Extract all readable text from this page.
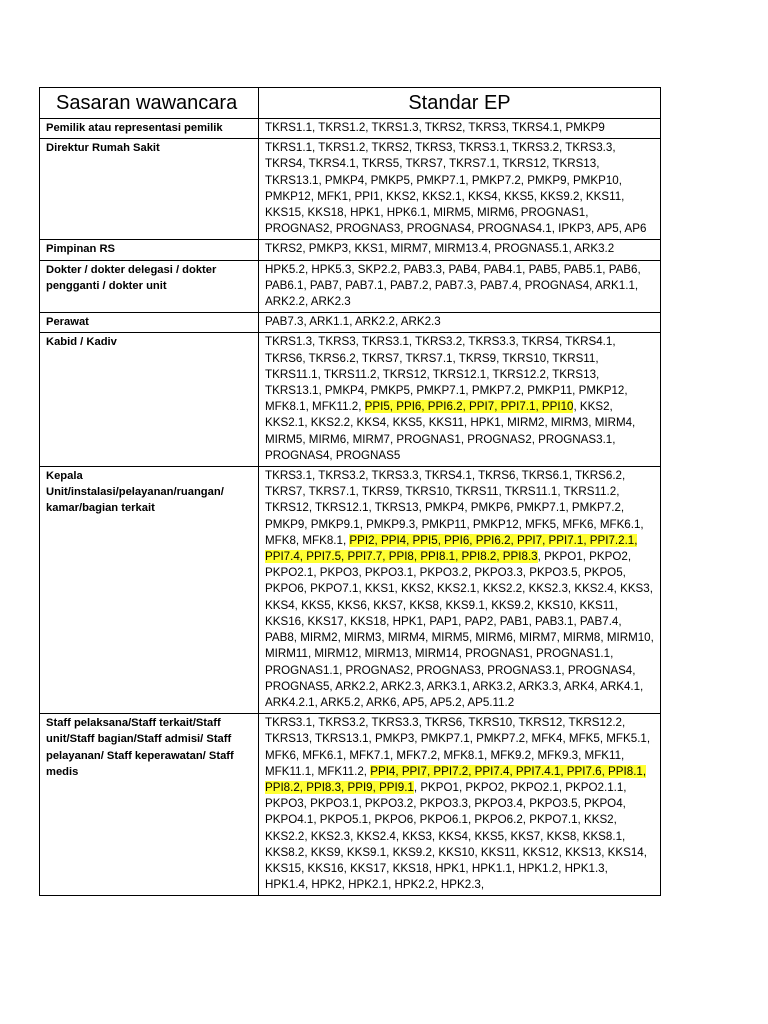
Sasaran wawancara	Standar EP
Pemilik atau representasi pemilik	TKRS1.1, TKRS1.2, TKRS1.3, TKRS2, TKRS3, TKRS4.1, PMKP9
Direktur Rumah Sakit	TKRS1.1, TKRS1.2, TKRS2, TKRS3, TKRS3.1, TKRS3.2, TKRS3.3, TKRS4, TKRS4.1, TKRS5, TKRS7, TKRS7.1, TKRS12, TKRS13, TKRS13.1, PMKP4, PMKP5, PMKP7.1, PMKP7.2, PMKP9, PMKP10, PMKP12, MFK1, PPI1, KKS2, KKS2.1, KKS4, KKS5, KKS9.2, KKS11, KKS15, KKS18, HPK1, HPK6.1, MIRM5, MIRM6, PROGNAS1, PROGNAS2, PROGNAS3, PROGNAS4, PROGNAS4.1, IPKP3, AP5, AP6
Pimpinan RS	TKRS2, PMKP3, KKS1, MIRM7, MIRM13.4, PROGNAS5.1, ARK3.2
Dokter / dokter delegasi / dokter pengganti / dokter unit	HPK5.2, HPK5.3, SKP2.2, PAB3.3, PAB4, PAB4.1, PAB5, PAB5.1, PAB6, PAB6.1, PAB7, PAB7.1, PAB7.2, PAB7.3, PAB7.4, PROGNAS4, ARK1.1, ARK2.2, ARK2.3
Perawat	PAB7.3, ARK1.1, ARK2.2, ARK2.3
Kabid / Kadiv	TKRS1.3, TKRS3, TKRS3.1, TKRS3.2, TKRS3.3, TKRS4, TKRS4.1, TKRS6, TKRS6.2, TKRS7, TKRS7.1, TKRS9, TKRS10, TKRS11, TKRS11.1, TKRS11.2, TKRS12, TKRS12.1, TKRS12.2, TKRS13, TKRS13.1, PMKP4, PMKP5, PMKP7.1, PMKP7.2, PMKP11, PMKP12, MFK8.1, MFK11.2, PPI5, PPI6, PPI6.2, PPI7, PPI7.1, PPI10, KKS2, KKS2.1, KKS2.2, KKS4, KKS5, KKS11, HPK1, MIRM2, MIRM3, MIRM4, MIRM5, MIRM6, MIRM7, PROGNAS1, PROGNAS2, PROGNAS3.1, PROGNAS4, PROGNAS5
Kepala Unit/instalasi/pelayanan/ruangan/ kamar/bagian terkait	TKRS3.1, TKRS3.2, TKRS3.3, TKRS4.1, TKRS6, TKRS6.1, TKRS6.2, TKRS7, TKRS7.1, TKRS9, TKRS10, TKRS11, TKRS11.1, TKRS11.2, TKRS12, TKRS12.1, TKRS13, PMKP4, PMKP6, PMKP7.1, PMKP7.2, PMKP9, PMKP9.1, PMKP9.3, PMKP11, PMKP12, MFK5, MFK6, MFK6.1, MFK8, MFK8.1, PPI2, PPI4, PPI5, PPI6, PPI6.2, PPI7, PPI7.1, PPI7.2.1, PPI7.4, PPI7.5, PPI7.7, PPI8, PPI8.1, PPI8.2, PPI8.3, PKPO1, PKPO2, PKPO2.1, PKPO3, PKPO3.1, PKPO3.2, PKPO3.3, PKPO3.5, PKPO5, PKPO6, PKPO7.1, KKS1, KKS2, KKS2.1, KKS2.2, KKS2.3, KKS2.4, KKS3, KKS4, KKS5, KKS6, KKS7, KKS8, KKS9.1, KKS9.2, KKS10, KKS11, KKS16, KKS17, KKS18, HPK1, PAP1, PAP2, PAB1, PAB3.1, PAB7.4, PAB8, MIRM2, MIRM3, MIRM4, MIRM5, MIRM6, MIRM7, MIRM8, MIRM10, MIRM11, MIRM12, MIRM13, MIRM14, PROGNAS1, PROGNAS1.1, PROGNAS1.1, PROGNAS2, PROGNAS3, PROGNAS3.1, PROGNAS4, PROGNAS5, ARK2.2, ARK2.3, ARK3.1, ARK3.2, ARK3.3, ARK4, ARK4.1, ARK4.2.1, ARK5.2, ARK6, AP5, AP5.2, AP5.11.2
Staff pelaksana/Staff terkait/Staff unit/Staff bagian/Staff admisi/ Staff pelayanan/ Staff keperawatan/ Staff medis	TKRS3.1, TKRS3.2, TKRS3.3, TKRS6, TKRS10, TKRS12, TKRS12.2, TKRS13, TKRS13.1, PMKP3, PMKP7.1, PMKP7.2, MFK4, MFK5, MFK5.1, MFK6, MFK6.1, MFK7.1, MFK7.2, MFK8.1, MFK9.2, MFK9.3, MFK11, MFK11.1, MFK11.2, PPI4, PPI7, PPI7.2, PPI7.4, PPI7.4.1, PPI7.6, PPI8.1, PPI8.2, PPI8.3, PPI9, PPI9.1, PKPO1, PKPO2, PKPO2.1, PKPO2.1.1, PKPO3, PKPO3.1, PKPO3.2, PKPO3.3, PKPO3.4, PKPO3.5, PKPO4, PKPO4.1, PKPO5.1, PKPO6, PKPO6.1, PKPO6.2, PKPO7.1, KKS2, KKS2.2, KKS2.3, KKS2.4, KKS3, KKS4, KKS5, KKS7, KKS8, KKS8.1, KKS8.2, KKS9, KKS9.1, KKS9.2, KKS10, KKS11, KKS12, KKS13, KKS14, KKS15, KKS16, KKS17, KKS18, HPK1, HPK1.1, HPK1.2, HPK1.3, HPK1.4, HPK2, HPK2.1, HPK2.2, HPK2.3,
